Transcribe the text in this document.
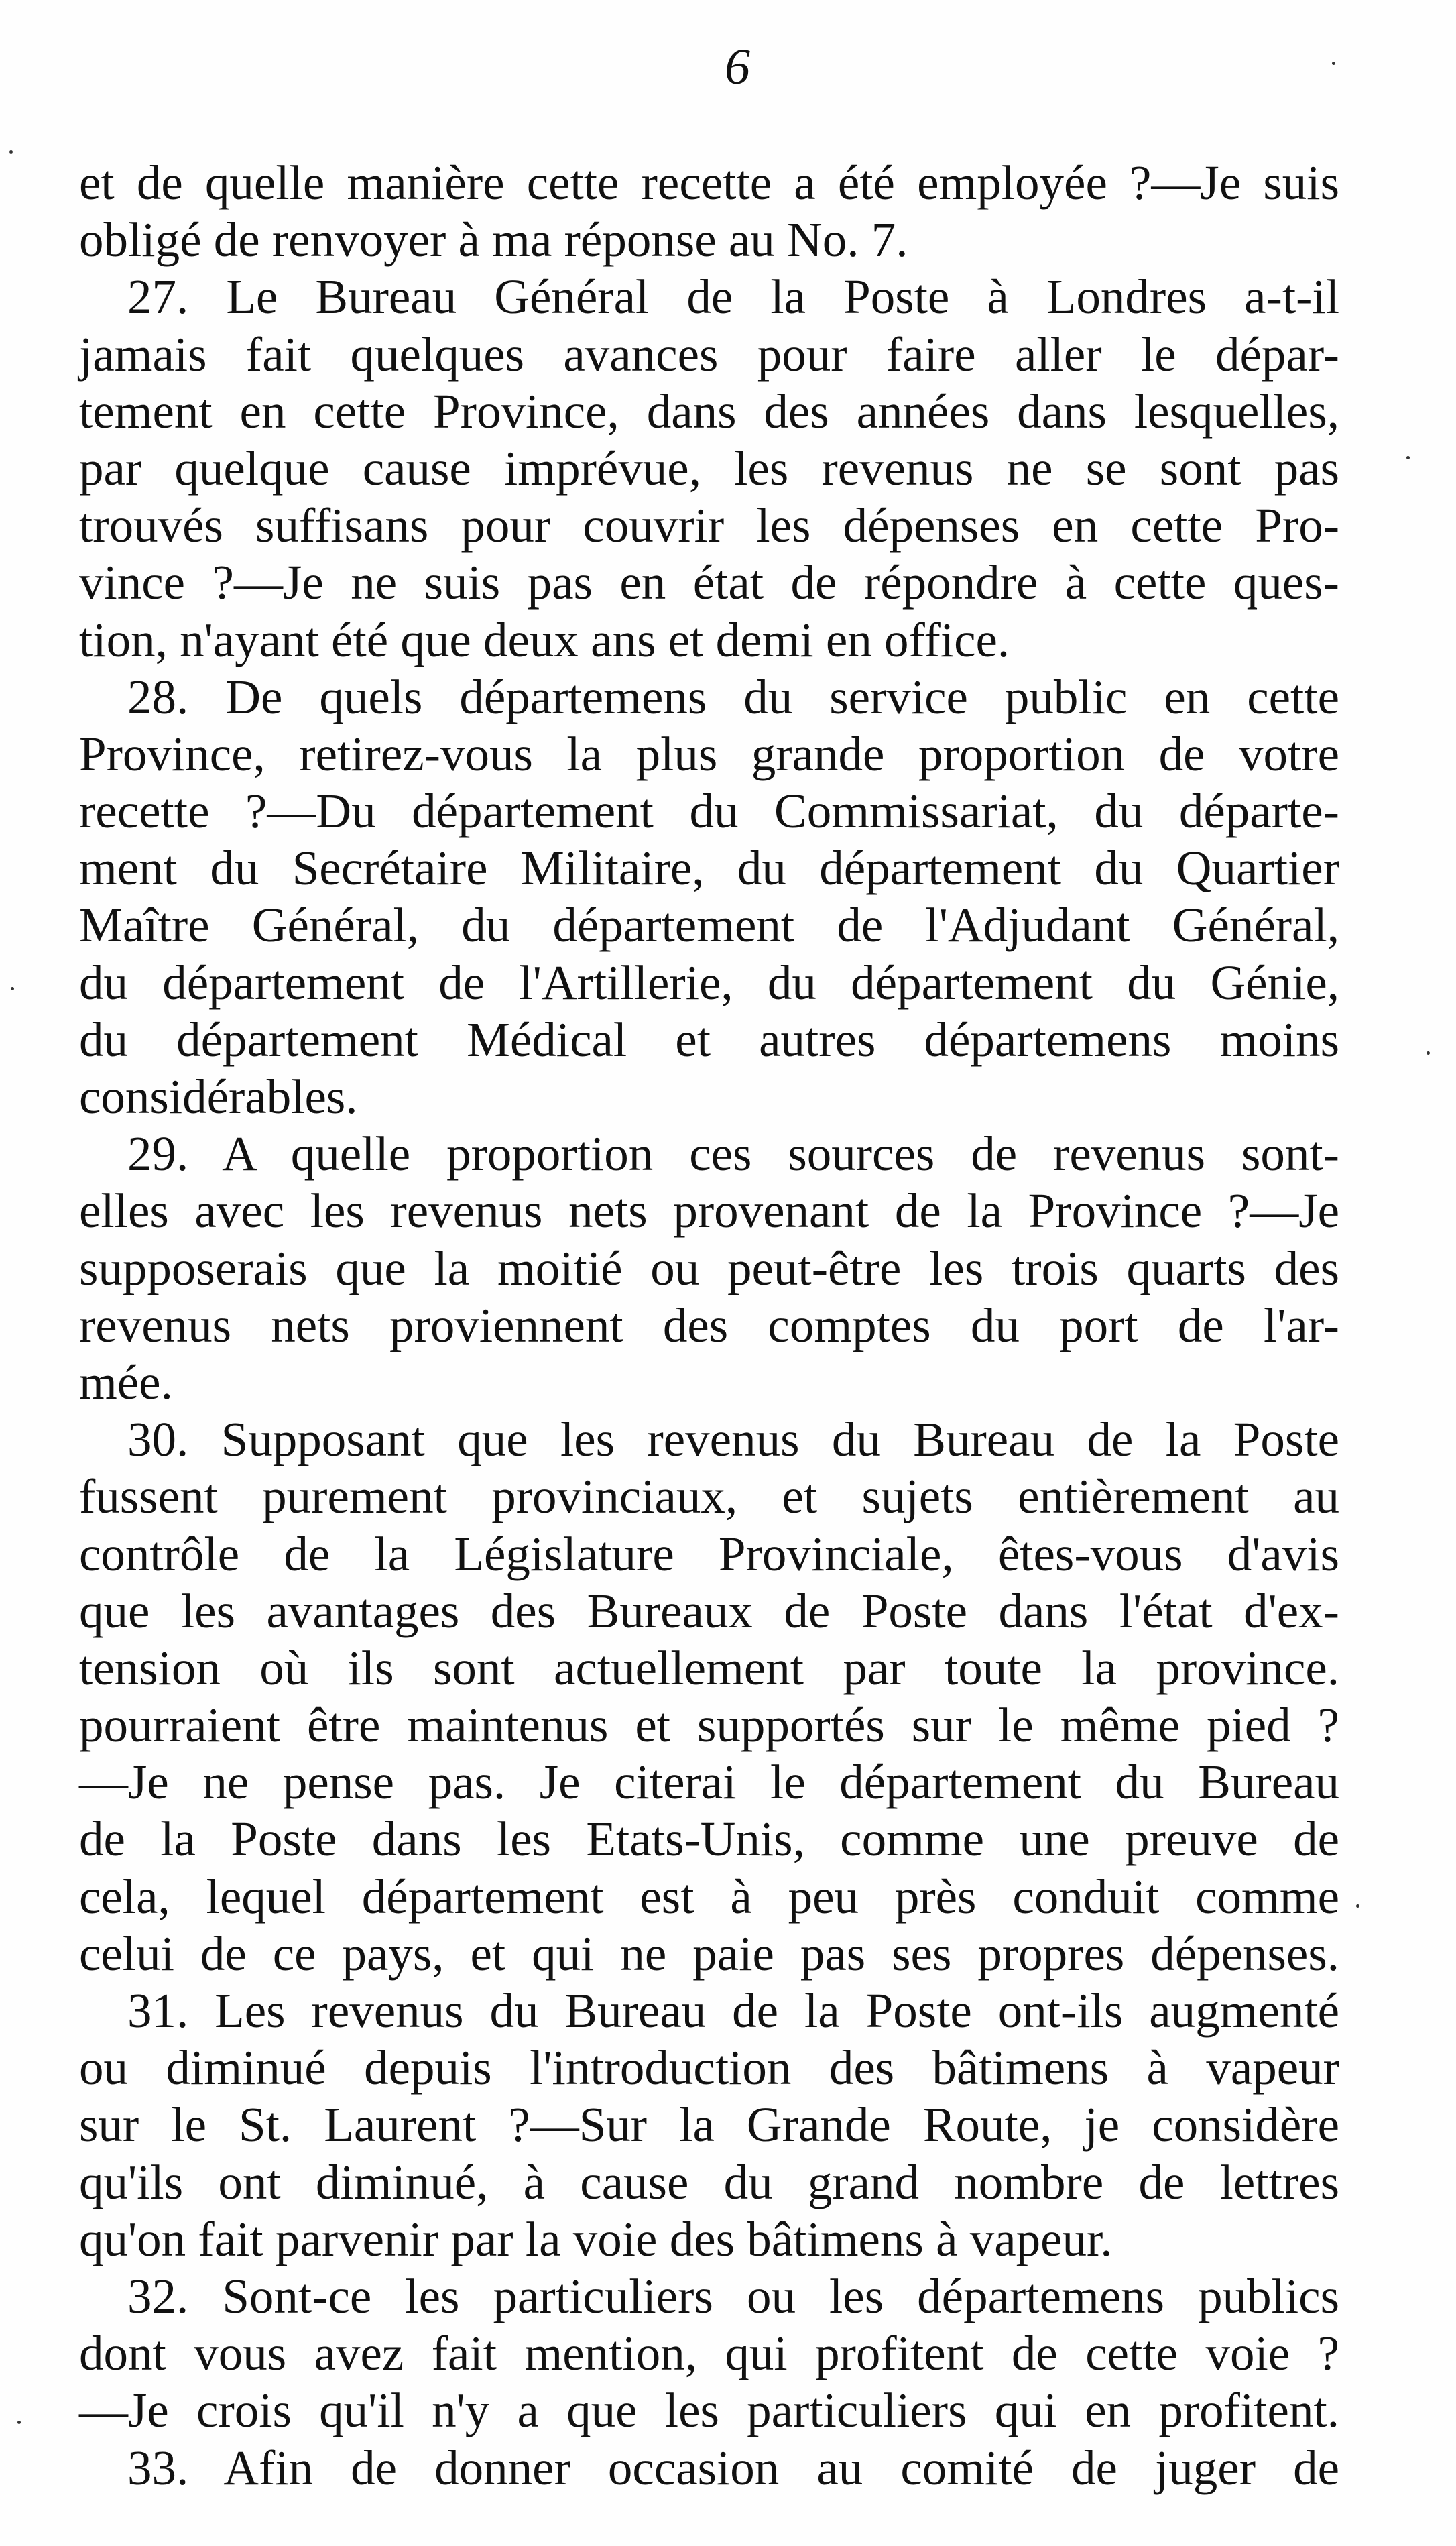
6
et de quelle manière cette recette a été employée ?—Je suis
obligé de renvoyer à ma réponse au No. 7.
27. Le Bureau Général de la Poste à Londres a-t-il
jamais fait quelques avances pour faire aller le dépar-
tement en cette Province, dans des années dans lesquelles,
par quelque cause imprévue, les revenus ne se sont pas
trouvés suffisans pour couvrir les dépenses en cette Pro-
vince ?—Je ne suis pas en état de répondre à cette ques-
tion, n'ayant été que deux ans et demi en office.
28. De quels départemens du service public en cette
Province, retirez-vous la plus grande proportion de votre
recette ?—Du département du Commissariat, du départe-
ment du Secrétaire Militaire, du département du Quartier
Maître Général, du département de l'Adjudant Général,
du département de l'Artillerie, du département du Génie,
du département Médical et autres départemens moins
considérables.
29. A quelle proportion ces sources de revenus sont-
elles avec les revenus nets provenant de la Province ?—Je
supposerais que la moitié ou peut-être les trois quarts des
revenus nets proviennent des comptes du port de l'ar-
mée.
30. Supposant que les revenus du Bureau de la Poste
fussent purement provinciaux, et sujets entièrement au
contrôle de la Législature Provinciale, êtes-vous d'avis
que les avantages des Bureaux de Poste dans l'état d'ex-
tension où ils sont actuellement par toute la province.
pourraient être maintenus et supportés sur le même pied ?
—Je ne pense pas. Je citerai le département du Bureau
de la Poste dans les Etats-Unis, comme une preuve de
cela, lequel département est à peu près conduit comme
celui de ce pays, et qui ne paie pas ses propres dépenses.
31. Les revenus du Bureau de la Poste ont-ils augmenté
ou diminué depuis l'introduction des bâtimens à vapeur
sur le St. Laurent ?—Sur la Grande Route, je considère
qu'ils ont diminué, à cause du grand nombre de lettres
qu'on fait parvenir par la voie des bâtimens à vapeur.
32. Sont-ce les particuliers ou les départemens publics
dont vous avez fait mention, qui profitent de cette voie ?
—Je crois qu'il n'y a que les particuliers qui en profitent.
33. Afin de donner occasion au comité de juger de
